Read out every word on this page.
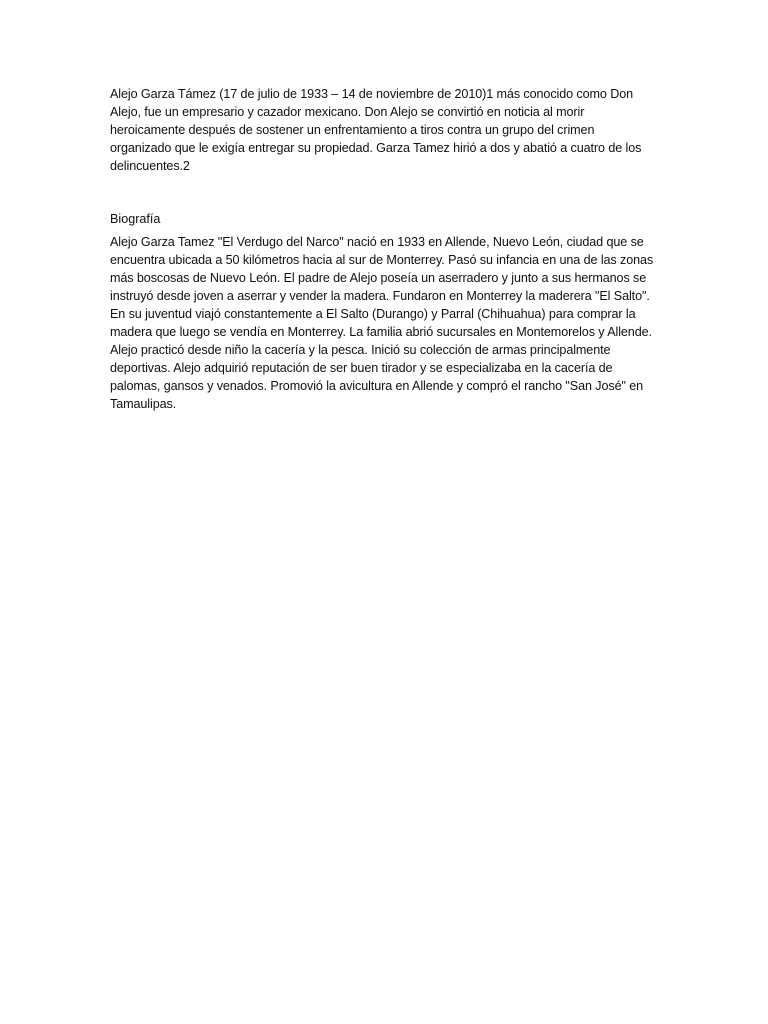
Alejo Garza Támez (17 de julio de 1933 – 14 de noviembre de 2010)1 más conocido como Don Alejo, fue un empresario y cazador mexicano. Don Alejo se convirtió en noticia al morir heroicamente después de sostener un enfrentamiento a tiros contra un grupo del crimen organizado que le exigía entregar su propiedad. Garza Tamez hirió a dos y abatió a cuatro de los delincuentes.2

Biografía

Alejo Garza Tamez "El Verdugo del Narco" nació en 1933 en Allende, Nuevo León, ciudad que se encuentra ubicada a 50 kilómetros hacia al sur de Monterrey. Pasó su infancia en una de las zonas más boscosas de Nuevo León. El padre de Alejo poseía un aserradero y junto a sus hermanos se instruyó desde joven a aserrar y vender la madera. Fundaron en Monterrey la maderera "El Salto". En su juventud viajó constantemente a El Salto (Durango) y Parral (Chihuahua) para comprar la madera que luego se vendía en Monterrey. La familia abrió sucursales en Montemorelos y Allende. Alejo practicó desde niño la cacería y la pesca. Inició su colección de armas principalmente deportivas. Alejo adquirió reputación de ser buen tirador y se especializaba en la cacería de palomas, gansos y venados. Promovió la avicultura en Allende y compró el rancho "San José" en Tamaulipas.
